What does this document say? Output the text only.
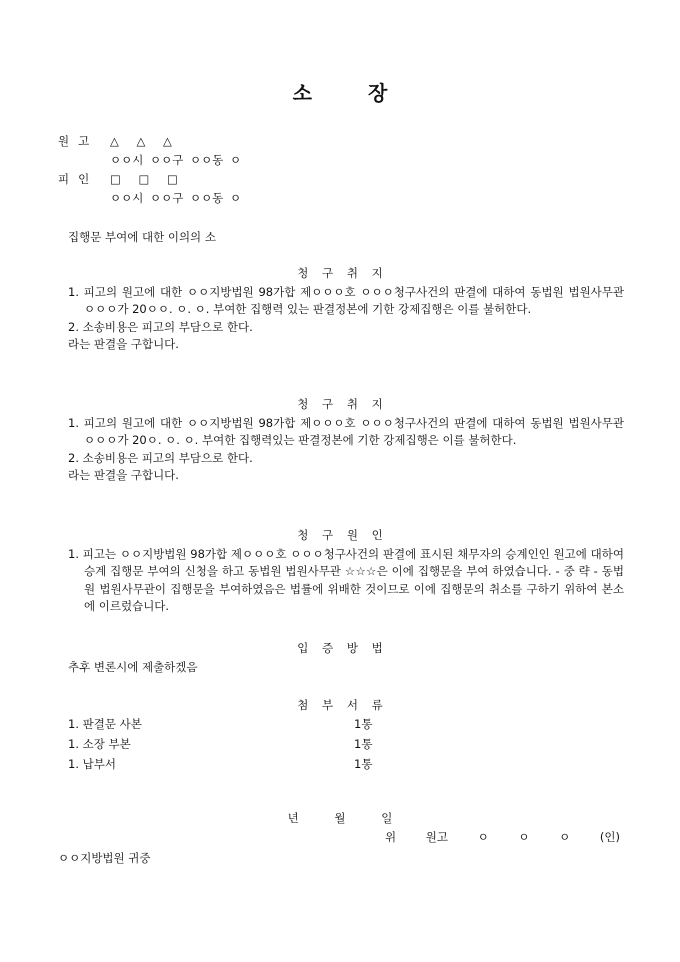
소	장
원고	△ △ △
ㅇㅇ시 ㅇㅇ구 ㅇㅇ동 ㅇ
피인	□ □ □
ㅇㅇ시 ㅇㅇ구 ㅇㅇ동 ㅇ
집행문 부여에 대한 이의의 소
청 구 취 지
1. 피고의 원고에 대한 ㅇㅇ지방법원 98가합 제ㅇㅇㅇ호 ㅇㅇㅇ청구사건의 판결에 대하여 동법원 법원사무관 ㅇㅇㅇ가 20ㅇㅇ. ㅇ. ㅇ. 부여한 집행력 있는 판결정본에 기한 강제집행은 이를 불허한다.
2. 소송비용은 피고의 부담으로 한다.
라는 판결을 구합니다.
청 구 취 지
1. 피고의 원고에 대한 ㅇㅇ지방법원 98가합 제ㅇㅇㅇ호 ㅇㅇㅇ청구사건의 판결에 대하여 동법원 법원사무관 ㅇㅇㅇ가 20ㅇ. ㅇ. ㅇ. 부여한 집행력있는 판결정본에 기한 강제집행은 이를 불허한다.
2. 소송비용은 피고의 부담으로 한다.
라는 판결을 구합니다.
청 구 원 인
1. 피고는 ㅇㅇ지방법원 98가합 제ㅇㅇㅇ호 ㅇㅇㅇ청구사건의 판결에 표시된 채무자의 승계인인 원고에 대하여 승계 집행문 부여의 신청을 하고 동법원 법원사무관 ☆☆☆은 이에 집행문을 부여 하였습니다. - 중 략 - 동법원 법원사무관이 집행문을 부여하였음은 법률에 위배한 것이므로 이에 집행문의 취소를 구하기 위하여 본소에 이르렀습니다.
입 증 방 법
추후 변론시에 제출하겠음
첨 부 서 류
1. 판결문 사본	1통
1. 소장 부본	1통
1. 납부서	1통
년 월 일
위 원고 ㅇ ㅇ ㅇ (인)
ㅇㅇ지방법원 귀중
